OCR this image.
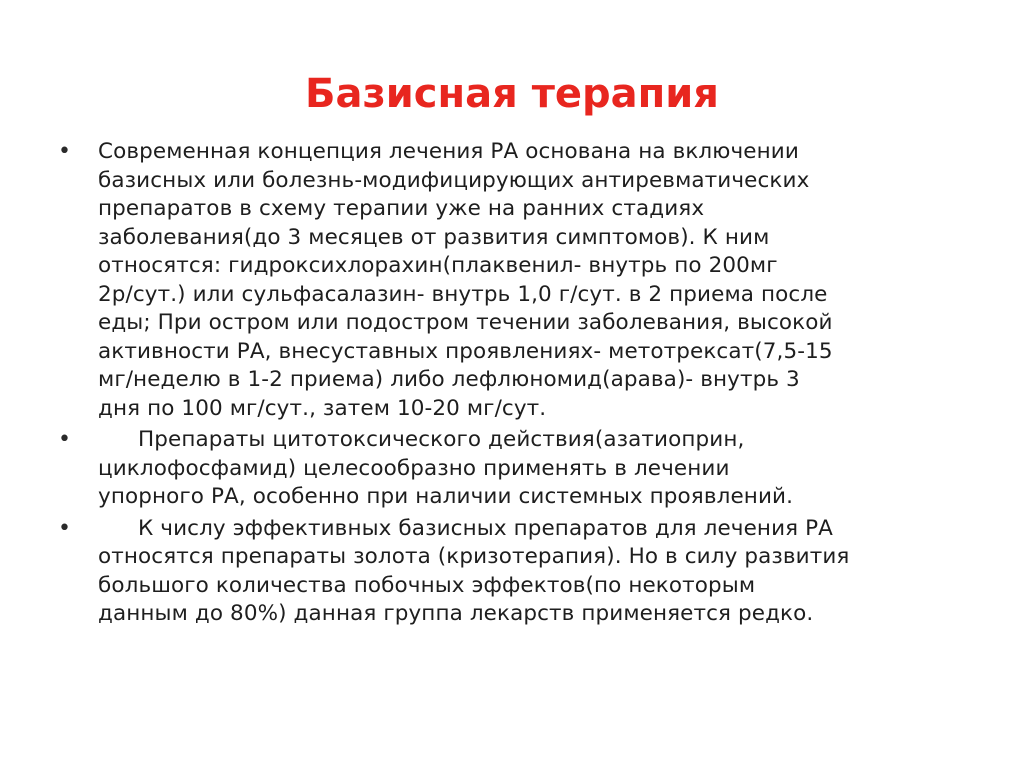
Базисная терапия
•	Современная концепция лечения РА основана на включении
базисных или болезнь-модифицирующих антиревматических
препаратов в схему терапии уже на ранних стадиях
заболевания(до 3 месяцев от развития симптомов). К ним
относятся: гидроксихлорахин(плаквенил- внутрь по 200мг
2р/сут.) или сульфасалазин- внутрь 1,0 г/сут. в 2 приема после
еды; При остром или подостром течении заболевания, высокой
активности РА, внесуставных проявлениях- метотрексат(7,5-15
мг/неделю в 1-2 приема) либо лефлюномид(арава)- внутрь 3
дня по 100 мг/сут., затем 10-20 мг/сут.
•	Препараты цитотоксического действия(азатиоприн,
циклофосфамид) целесообразно применять в лечении
упорного РА, особенно при наличии системных проявлений.
•	К числу эффективных базисных препаратов для лечения РА
относятся препараты золота (кризотерапия). Но в силу развития
большого количества побочных эффектов(по некоторым
данным до 80%) данная группа лекарств применяется редко.
